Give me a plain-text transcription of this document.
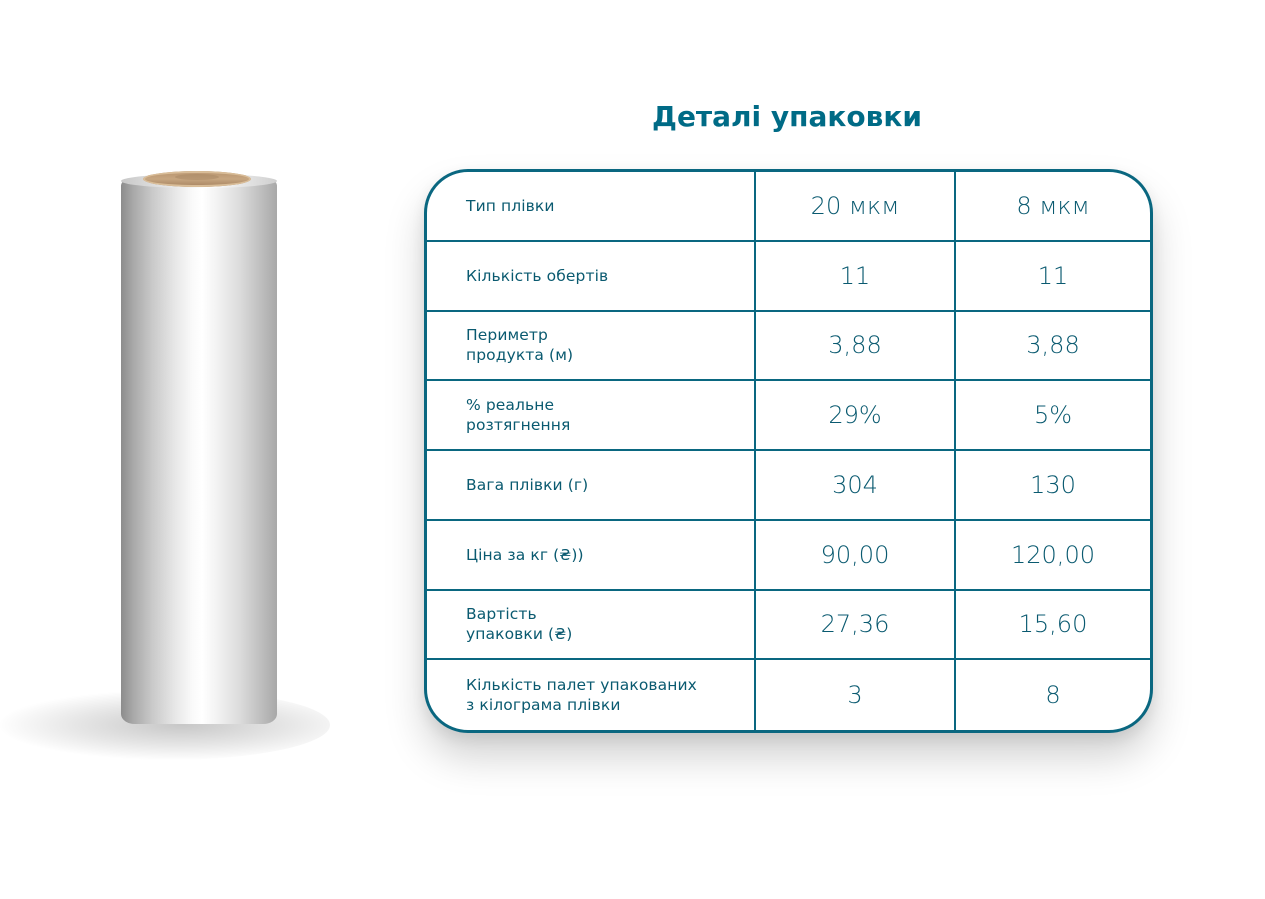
Деталі упаковки
Тип плівки	20 мкм	8 мкм
Кількість обертів	11	11
Периметр
продукта (м)	3,88	3,88
% реальне
розтягнення	29%	5%
Вага плівки (г)	304	130
Ціна за кг (₴))	90,00	120,00
Вартість
упаковки (₴)	27,36	15,60
Кількість палет упакованих
з кілограма плівки	3	8
